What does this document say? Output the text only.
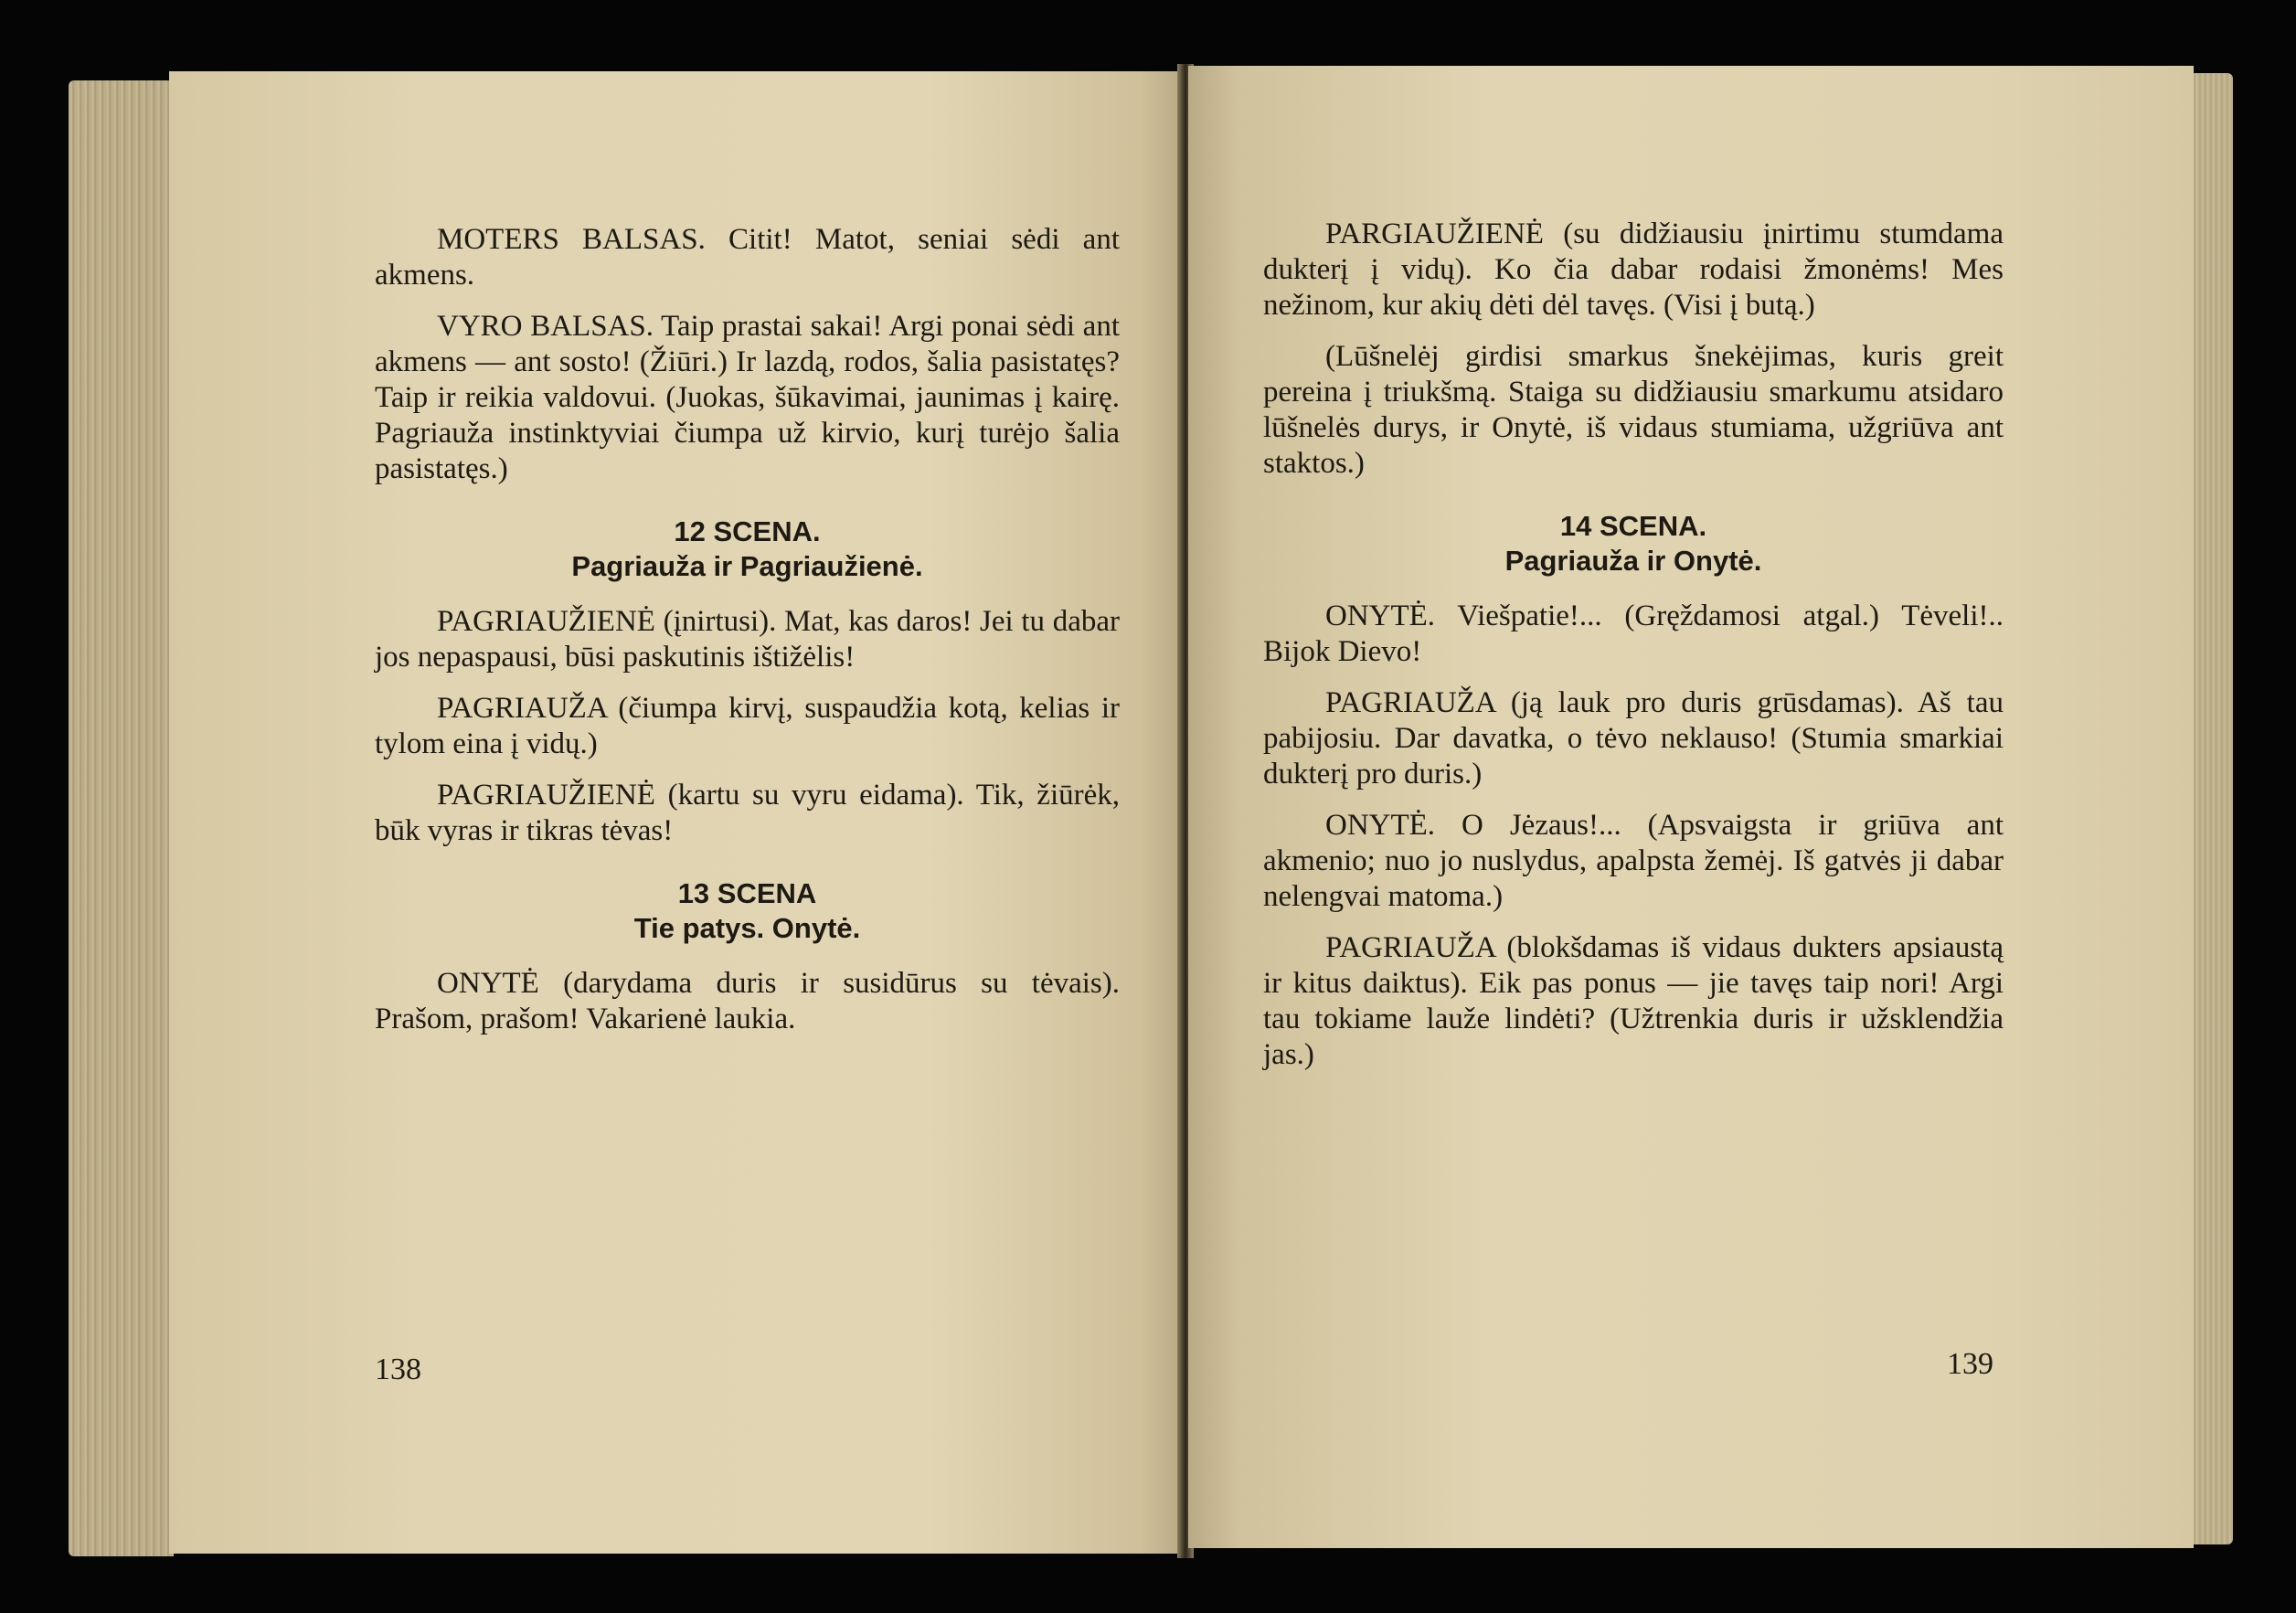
MOTERS BALSAS. Citit! Matot, seniai sėdi ant akmens.

VYRO BALSAS. Taip prastai sakai! Argi ponai sėdi ant akmens — ant sosto! (Žiūri.) Ir lazdą, rodos, šalia pasistatęs? Taip ir reikia valdovui. (Juokas, šūkavimai, jaunimas į kairę. Pagriauža instinktyviai čiumpa už kirvio, kurį turėjo šalia pasistatęs.)

12 SCENA.

Pagriauža ir Pagriaužienė.

PAGRIAUŽIENĖ (įnirtusi). Mat, kas daros! Jei tu dabar jos nepaspausi, būsi paskutinis ištižėlis!

PAGRIAUŽA (čiumpa kirvį, suspaudžia kotą, kelias ir tylom eina į vidų.)

PAGRIAUŽIENĖ (kartu su vyru eidama). Tik, žiūrėk, būk vyras ir tikras tėvas!

13 SCENA

Tie patys. Onytė.

ONYTĖ (darydama duris ir susidūrus su tėvais). Prašom, prašom! Vakarienė laukia.

138

PARGIAUŽIENĖ (su didžiausiu įnirtimu stumdama dukterį į vidų). Ko čia dabar rodaisi žmonėms! Mes nežinom, kur akių dėti dėl tavęs. (Visi į butą.)

(Lūšnelėj girdisi smarkus šnekėjimas, kuris greit pereina į triukšmą. Staiga su didžiausiu smarkumu atsidaro lūšnelės durys, ir Onytė, iš vidaus stumiama, užgriūva ant staktos.)

14 SCENA.

Pagriauža ir Onytė.

ONYTĖ. Viešpatie!... (Gręždamosi atgal.) Tėveli!.. Bijok Dievo!

PAGRIAUŽA (ją lauk pro duris grūsdamas). Aš tau pabijosiu. Dar davatka, o tėvo neklauso! (Stumia smarkiai dukterį pro duris.)

ONYTĖ. O Jėzaus!... (Apsvaigsta ir griūva ant akmenio; nuo jo nuslydus, apalpsta žemėj. Iš gatvės ji dabar nelengvai matoma.)

PAGRIAUŽA (blokšdamas iš vidaus dukters apsiaustą ir kitus daiktus). Eik pas ponus — jie tavęs taip nori! Argi tau tokiame lauže lindėti? (Užtrenkia duris ir užsklendžia jas.)

139
